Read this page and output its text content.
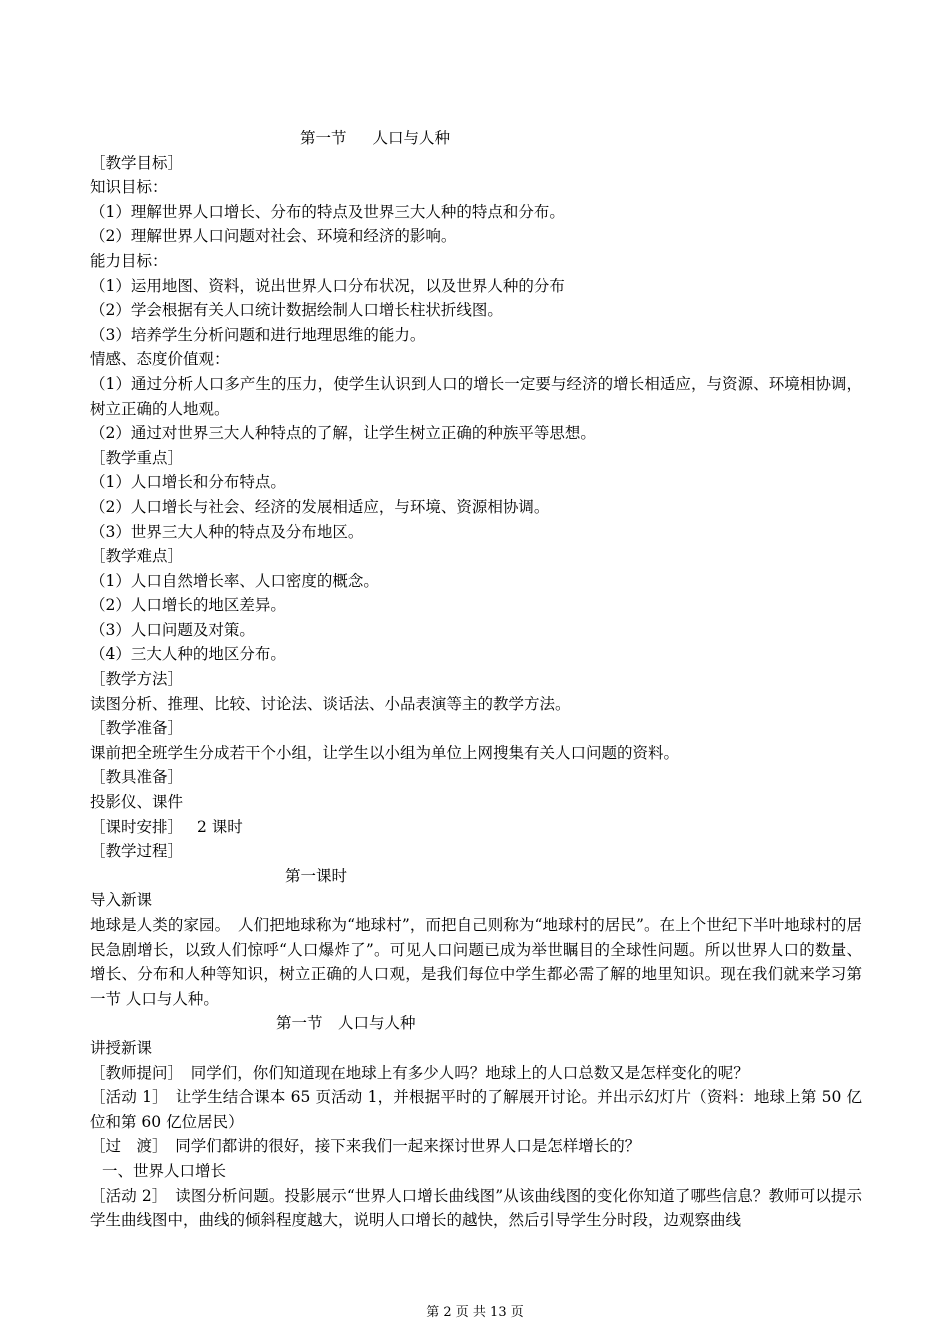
第一节 人口与人种
［教学目标］
知识目标：
（1）理解世界人口增长、分布的特点及世界三大人种的特点和分布。
（2）理解世界人口问题对社会、环境和经济的影响。
能力目标：
（1）运用地图、资料，说出世界人口分布状况，以及世界人种的分布
（2）学会根据有关人口统计数据绘制人口增长柱状折线图。
（3）培养学生分析问题和进行地理思维的能力。
情感、态度价值观：

（1）通过分析人口多产生的压力，使学生认识到人口的增长一定要与经济的增长相适应，与资源、环境相协调，树立正确的人地观。

（2）通过对世界三大人种特点的了解，让学生树立正确的种族平等思想。
［教学重点］
（1）人口增长和分布特点。
（2）人口增长与社会、经济的发展相适应，与环境、资源相协调。
（3）世界三大人种的特点及分布地区。
［教学难点］
（1）人口自然增长率、人口密度的概念。
（2）人口增长的地区差异。
（3）人口问题及对策。
（4）三大人种的地区分布。
［教学方法］
读图分析、推理、比较、讨论法、谈话法、小品表演等主的教学方法。
［教学准备］
课前把全班学生分成若干个小组，让学生以小组为单位上网搜集有关人口问题的资料。
［教具准备］
投影仪、课件
［课时安排］ 2 课时
［教学过程］
第一课时
导入新课

地球是人类的家园。　人们把地球称为“地球村”，而把自己则称为“地球村的居民”。在上个世纪下半叶地球村的居民急剧增长，以致人们惊呼“人口爆炸了”。可见人口问题已成为举世瞩目的全球性问题。所以世界人口的数量、增长、分布和人种等知识，树立正确的人口观，是我们每位中学生都必需了解的地里知识。现在我们就来学习第一节 人口与人种。

第一节　人口与人种
讲授新课
［教师提问］　同学们，你们知道现在地球上有多少人吗？地球上的人口总数又是怎样变化的呢？

［活动 1］　让学生结合课本 65 页活动 1，并根据平时的了解展开讨论。并出示幻灯片（资料：地球上第 50 亿位和第 60 亿位居民）

［过　渡］　同学们都讲的很好，接下来我们一起来探讨世界人口是怎样增长的？
一、世界人口增长

［活动 2］　读图分析问题。投影展示“世界人口增长曲线图”从该曲线图的变化你知道了哪些信息？教师可以提示学生曲线图中，曲线的倾斜程度越大，说明人口增长的越快，然后引导学生分时段，边观察曲线

第 2 页 共 13 页
